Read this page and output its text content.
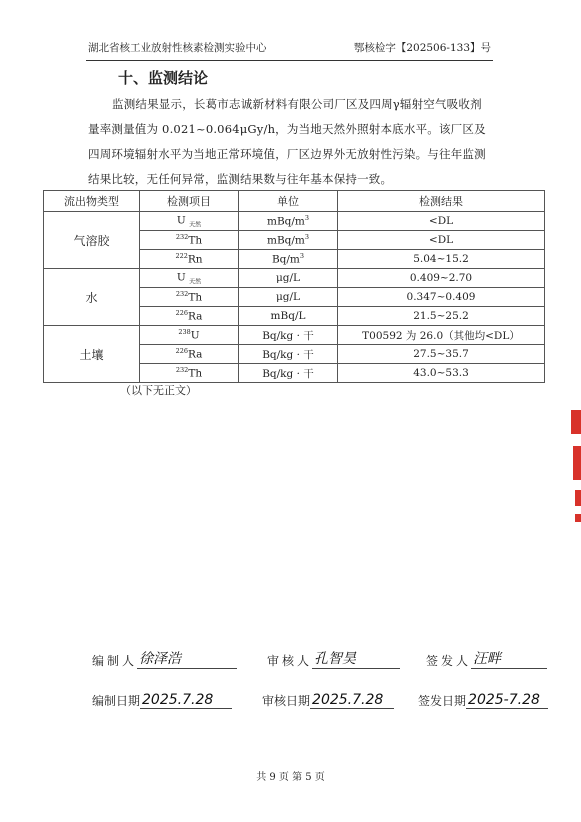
湖北省核工业放射性核素检测实验中心	鄂核检字【202506-133】号
十、监测结论
监测结果显示，长葛市志诚新材料有限公司厂区及四周γ辐射空气吸收剂量率测量值为 0.021~0.064μGy/h，为当地天然外照射本底水平。该厂区及四周环境辐射水平为当地正常环境值，厂区边界外无放射性污染。与往年监测结果比较，无任何异常，监测结果数与往年基本保持一致。
流出物类型	检测项目	单位	检测结果
气溶胶	U $_{天然}$	mBq/$m^3$	<DL
	$^{232}$Th	mBq/$m^3$	<DL
	$^{222}$Rn	$Bq/m^3$	5.04~15.2
水	U $_{天然}$	μg/L	0.409~2.70
	$^{232}$Th	μg/L	0.347~0.409
	$^{226}$Ra	mBq/L	21.5~25.2
土壤	$^{238}$U	Bq/kg · 干	T00592 为 26.0（其他均<DL）
	$^{226}$Ra	Bq/kg · 干	27.5~35.7
	$^{232}$Th	Bq/kg · 干	43.0~53.3
（以下无正文）
编制人 徐泽浩	审核人 孔智昊	签发人 汪畔
编制日期 2025.7.28	审核日期 2025.7.28	签发日期 2025-7.28
共 9 页 第 5 页
